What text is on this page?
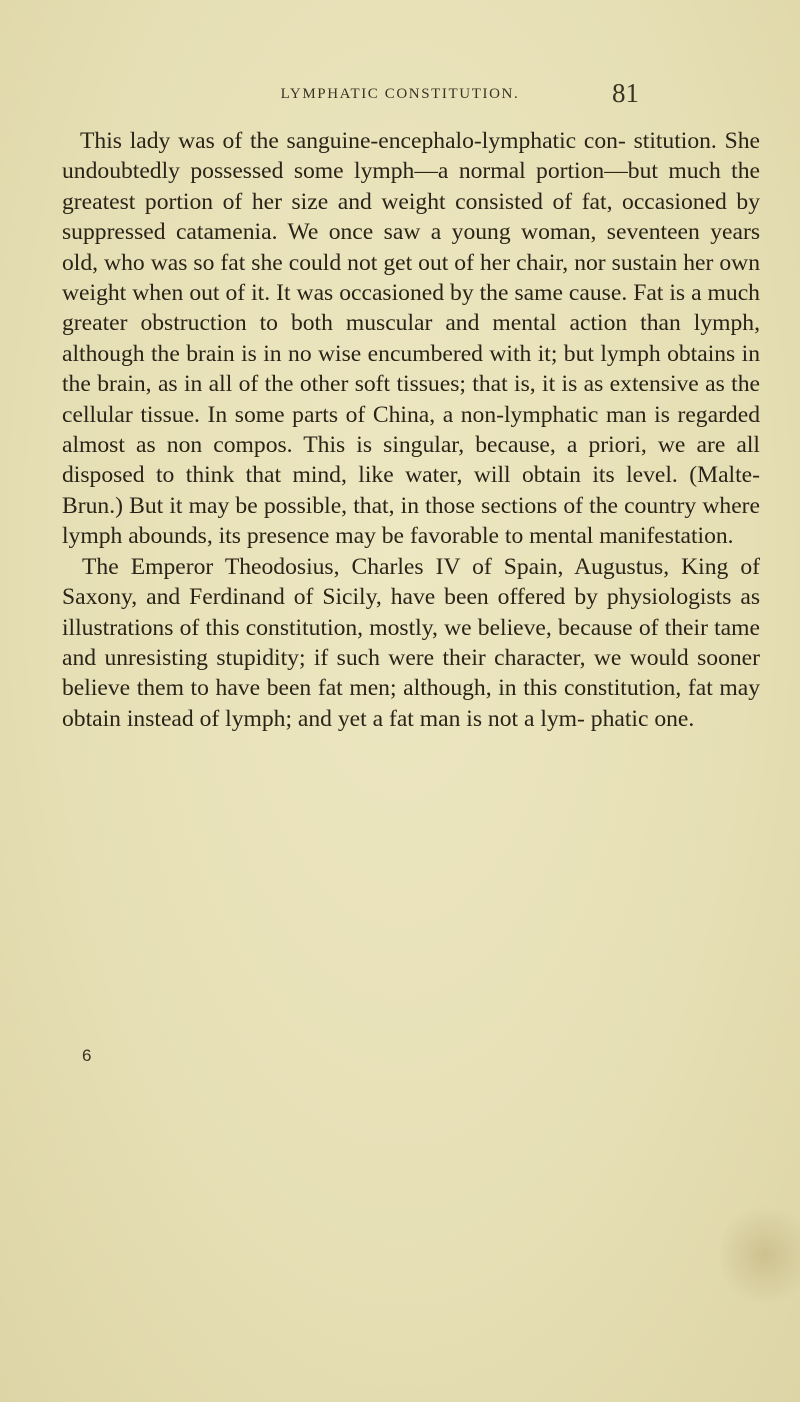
LYMPHATIC CONSTITUTION.	81

This lady was of the sanguine-encephalo-lymphatic con- stitution. She undoubtedly possessed some lymph—a normal portion—but much the greatest portion of her size and weight consisted of fat, occasioned by suppressed catamenia. We once saw a young woman, seventeen years old, who was so fat she could not get out of her chair, nor sustain her own weight when out of it. It was occasioned by the same cause. Fat is a much greater obstruction to both muscular and mental action than lymph, although the brain is in no wise encumbered with it; but lymph obtains in the brain, as in all of the other soft tissues; that is, it is as extensive as the cellular tissue. In some parts of China, a non-lymphatic man is regarded almost as non compos. This is singular, because, a priori, we are all disposed to think that mind, like water, will obtain its level. (Malte- Brun.) But it may be possible, that, in those sections of the country where lymph abounds, its presence may be favorable to mental manifestation.

The Emperor Theodosius, Charles IV of Spain, Augustus, King of Saxony, and Ferdinand of Sicily, have been offered by physiologists as illustrations of this constitution, mostly, we believe, because of their tame and unresisting stupidity; if such were their character, we would sooner believe them to have been fat men; although, in this constitution, fat may obtain instead of lymph; and yet a fat man is not a lym- phatic one.

6
